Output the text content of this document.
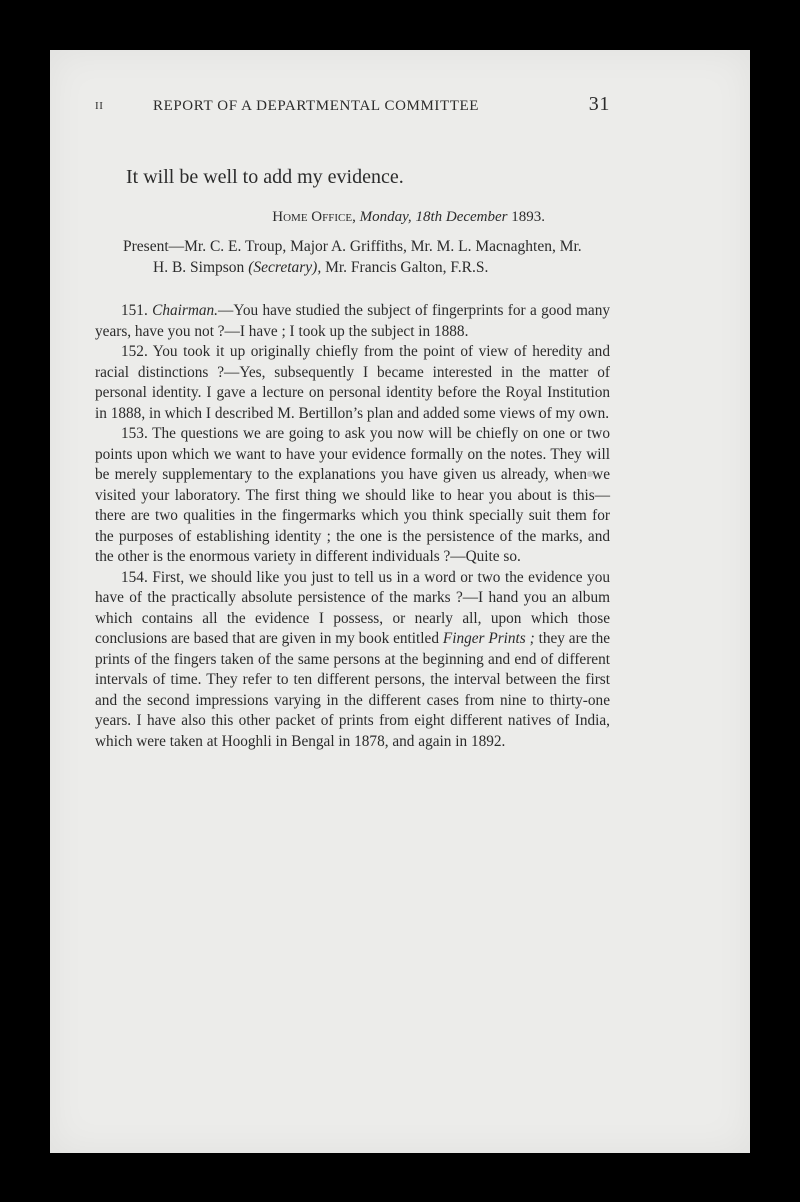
II	REPORT OF A DEPARTMENTAL COMMITTEE	31
It will be well to add my evidence.
Home Office, Monday, 18th December 1893.
Present—Mr. C. E. Troup, Major A. Griffiths, Mr. M. L. Macnaghten, Mr. H. B. Simpson (Secretary), Mr. Francis Galton, F.R.S.

151. Chairman.—You have studied the subject of fingerprints for a good many years, have you not ?—I have ; I took up the subject in 1888.

152. You took it up originally chiefly from the point of view of heredity and racial distinctions ?—Yes, subsequently I became interested in the matter of personal identity. I gave a lecture on personal identity before the Royal Institution in 1888, in which I described M. Bertillon’s plan and added some views of my own.

153. The questions we are going to ask you now will be chiefly on one or two points upon which we want to have your evidence formally on the notes. They will be merely supplementary to the explanations you have given us already, when we visited your laboratory. The first thing we should like to hear you about is this—there are two qualities in the fingermarks which you think specially suit them for the purposes of establishing identity ; the one is the persistence of the marks, and the other is the enormous variety in different individuals ?—Quite so.

154. First, we should like you just to tell us in a word or two the evidence you have of the practically absolute persistence of the marks ?—I hand you an album which contains all the evidence I possess, or nearly all, upon which those conclusions are based that are given in my book entitled Finger Prints ; they are the prints of the fingers taken of the same persons at the beginning and end of different intervals of time. They refer to ten different persons, the interval between the first and the second impressions varying in the different cases from nine to thirty-one years. I have also this other packet of prints from eight different natives of India, which were taken at Hooghli in Bengal in 1878, and again in 1892.
